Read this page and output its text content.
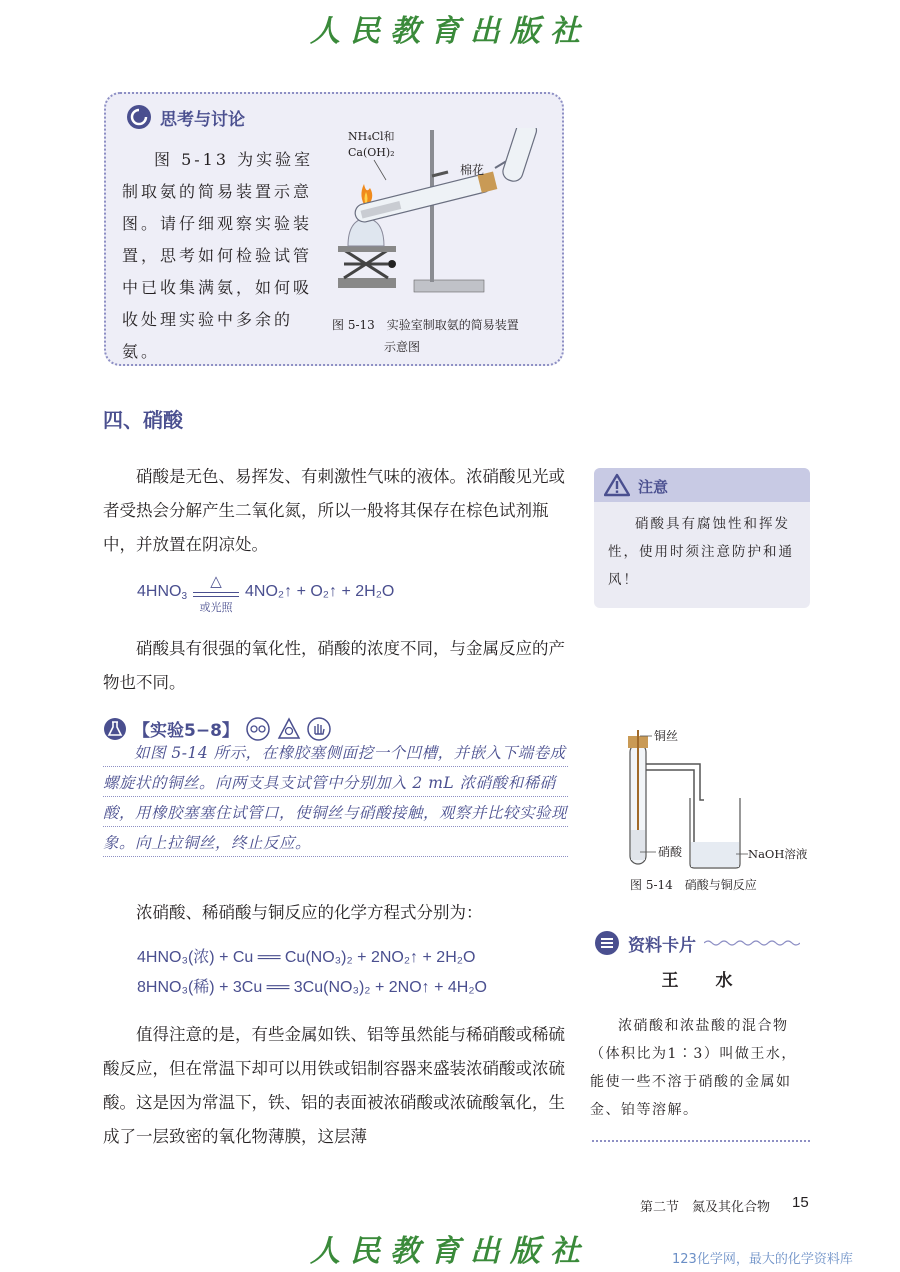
人民教育出版社
思考与讨论
图 5-13 为实验室制取氨的简易装置示意图。请仔细观察实验装置，思考如何检验试管中已收集满氨，如何吸收处理实验中多余的氨。
NH₄Cl和
Ca(OH)₂
棉花
图 5-13　实验室制取氨的简易装置
示意图
四、硝酸
硝酸是无色、易挥发、有刺激性气味的液体。浓硝酸见光或者受热会分解产生二氧化氮，所以一般将其保存在棕色试剂瓶中，并放置在阴凉处。
$4HNO_3$
△
或光照
4NO₂↑ + O₂↑ + 2H₂O
硝酸具有很强的氧化性，硝酸的浓度不同，与金属反应的产物也不同。
注意
硝酸具有腐蚀性和挥发性，使用时须注意防护和通风！
【实验5−8】
如图 5-14 所示，在橡胶塞侧面挖一个凹槽，并嵌入下端卷成螺旋状的铜丝。向两支具支试管中分别加入 2 mL 浓硝酸和稀硝酸，用橡胶塞塞住试管口，使铜丝与硝酸接触，观察并比较实验现象。向上拉铜丝，终止反应。
铜丝
硝酸	NaOH溶液
图 5-14　硝酸与铜反应
浓硝酸、稀硝酸与铜反应的化学方程式分别为：
4HNO₃(浓) + Cu ══ Cu(NO₃)₂ + 2NO₂↑ + 2H₂O
8HNO₃(稀) + 3Cu ══ 3Cu(NO₃)₂ + 2NO↑ + 4H₂O
值得注意的是，有些金属如铁、铝等虽然能与稀硝酸或稀硫酸反应，但在常温下却可以用铁或铝制容器来盛装浓硝酸或浓硫酸。这是因为常温下，铁、铝的表面被浓硝酸或浓硫酸氧化，生成了一层致密的氧化物薄膜，这层薄
资料卡片
王　水
浓硝酸和浓盐酸的混合物（体积比为1∶3）叫做王水，能使一些不溶于硝酸的金属如金、铂等溶解。
第二节　氮及其化合物 15
人民教育出版社	123化学网，最大的化学资料库
